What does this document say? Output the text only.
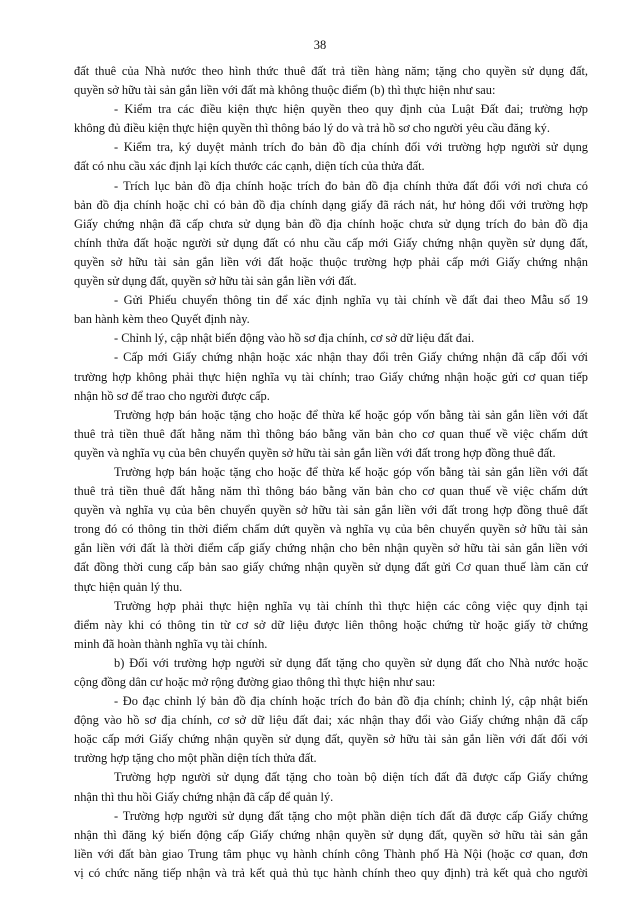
38
đất thuê của Nhà nước theo hình thức thuê đất trả tiền hàng năm; tặng cho quyền sử dụng đất,
quyền sở hữu tài sản gắn liền với đất mà không thuộc điểm (b) thì thực hiện như sau:
- Kiểm tra các điều kiện thực hiện quyền theo quy định của Luật Đất đai; trường hợp
không đủ điều kiện thực hiện quyền thì thông báo lý do và trả hồ sơ cho người yêu cầu đăng ký.
- Kiểm tra, ký duyệt mảnh trích đo bản đồ địa chính đối với trường hợp người sử dụng
đất có nhu cầu xác định lại kích thước các cạnh, diện tích của thửa đất.
- Trích lục bản đồ địa chính hoặc trích đo bản đồ địa chính thửa đất đối với nơi chưa có
bản đồ địa chính hoặc chỉ có bản đồ địa chính dạng giấy đã rách nát, hư hỏng đối với trường hợp
Giấy chứng nhận đã cấp chưa sử dụng bản đồ địa chính hoặc chưa sử dụng trích đo bản đồ địa
chính thửa đất hoặc người sử dụng đất có nhu cầu cấp mới Giấy chứng nhận quyền sử dụng đất,
quyền sở hữu tài sản gắn liền với đất hoặc thuộc trường hợp phải cấp mới Giấy chứng nhận
quyền sử dụng đất, quyền sở hữu tài sản gắn liền với đất.
- Gửi Phiếu chuyển thông tin để xác định nghĩa vụ tài chính về đất đai theo Mẫu số 19
ban hành kèm theo Quyết định này.
- Chỉnh lý, cập nhật biến động vào hồ sơ địa chính, cơ sở dữ liệu đất đai.
- Cấp mới Giấy chứng nhận hoặc xác nhận thay đổi trên Giấy chứng nhận đã cấp đối với
trường hợp không phải thực hiện nghĩa vụ tài chính; trao Giấy chứng nhận hoặc gửi cơ quan tiếp
nhận hồ sơ để trao cho người được cấp.
Trường hợp bán hoặc tặng cho hoặc để thừa kế hoặc góp vốn bằng tài sản gắn liền với đất
thuê trả tiền thuê đất hằng năm thì thông báo bằng văn bản cho cơ quan thuế về việc chấm dứt
quyền và nghĩa vụ của bên chuyển quyền sở hữu tài sản gắn liền với đất trong hợp đồng thuê đất.
Trường hợp bán hoặc tặng cho hoặc để thừa kế hoặc góp vốn bằng tài sản gắn liền với đất
thuê trả tiền thuê đất hằng năm thì thông báo bằng văn bản cho cơ quan thuế về việc chấm dứt
quyền và nghĩa vụ của bên chuyển quyền sở hữu tài sản gắn liền với đất trong hợp đồng thuê đất
trong đó có thông tin thời điểm chấm dứt quyền và nghĩa vụ của bên chuyển quyền sở hữu tài sản
gắn liền với đất là thời điểm cấp giấy chứng nhận cho bên nhận quyền sở hữu tài sản gắn liền với
đất đồng thời cung cấp bản sao giấy chứng nhận quyền sử dụng đất gửi Cơ quan thuế làm căn cứ
thực hiện quản lý thu.
Trường hợp phải thực hiện nghĩa vụ tài chính thì thực hiện các công việc quy định tại
điểm này khi có thông tin từ cơ sở dữ liệu được liên thông hoặc chứng từ hoặc giấy tờ chứng
minh đã hoàn thành nghĩa vụ tài chính.
b) Đối với trường hợp người sử dụng đất tặng cho quyền sử dụng đất cho Nhà nước hoặc
cộng đồng dân cư hoặc mở rộng đường giao thông thì thực hiện như sau:
- Đo đạc chỉnh lý bản đồ địa chính hoặc trích đo bản đồ địa chính; chỉnh lý, cập nhật biến
động vào hồ sơ địa chính, cơ sở dữ liệu đất đai; xác nhận thay đổi vào Giấy chứng nhận đã cấp
hoặc cấp mới Giấy chứng nhận quyền sử dụng đất, quyền sở hữu tài sản gắn liền với đất đối với
trường hợp tặng cho một phần diện tích thửa đất.
Trường hợp người sử dụng đất tặng cho toàn bộ diện tích đất đã được cấp Giấy chứng
nhận thì thu hồi Giấy chứng nhận đã cấp để quản lý.
- Trường hợp người sử dụng đất tặng cho một phần diện tích đất đã được cấp Giấy chứng
nhận thì đăng ký biến động cấp Giấy chứng nhận quyền sử dụng đất, quyền sở hữu tài sản gắn
liền với đất bàn giao Trung tâm phục vụ hành chính công Thành phố Hà Nội (hoặc cơ quan, đơn
vị có chức năng tiếp nhận và trả kết quả thủ tục hành chính theo quy định) trả kết quả cho người
